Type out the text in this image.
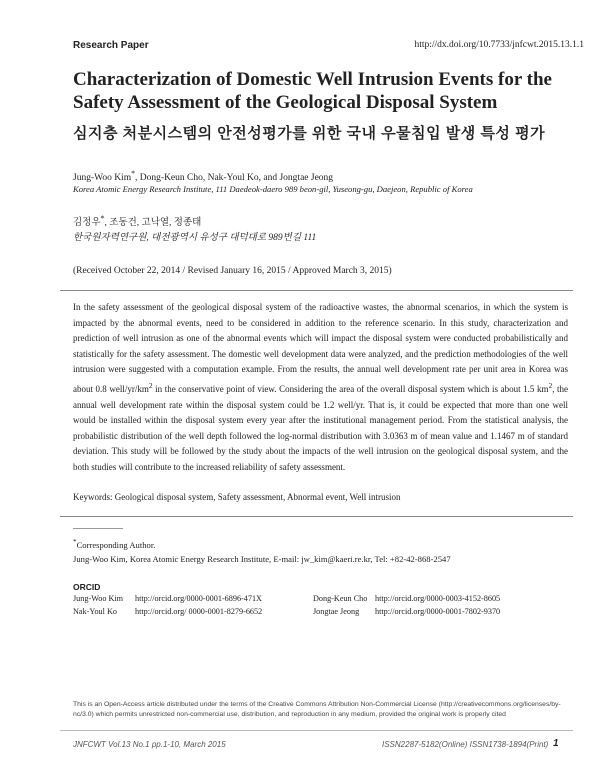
Research Paper	http://dx.doi.org/10.7733/jnfcwt.2015.13.1.1
Characterization of Domestic Well Intrusion Events for the Safety Assessment of the Geological Disposal System
심지층 처분시스템의 안전성평가를 위한 국내 우물침입 발생 특성 평가
Jung-Woo Kim*, Dong-Keun Cho, Nak-Youl Ko, and Jongtae Jeong
Korea Atomic Energy Research Institute, 111 Daedeok-daero 989 beon-gil, Yuseong-gu, Daejeon, Republic of Korea
김정우*, 조동건, 고낙열, 정종태
한국원자력연구원, 대전광역시 유성구 대덕대로 989번길 111
(Received October 22, 2014 / Revised January 16, 2015 / Approved March 3, 2015)
In the safety assessment of the geological disposal system of the radioactive wastes, the abnormal scenarios, in which the system is impacted by the abnormal events, need to be considered in addition to the reference scenario. In this study, characterization and prediction of well intrusion as one of the abnormal events which will impact the disposal system were conducted probabilistically and statistically for the safety assessment. The domestic well development data were analyzed, and the prediction methodologies of the well intrusion were suggested with a computation example. From the results, the annual well development rate per unit area in Korea was about 0.8 well/$yr/km^2$ in the conservative point of view. Considering the area of the overall disposal system which is about 1.5 $km^2$, the annual well development rate within the disposal system could be 1.2 well/yr. That is, it could be expected that more than one well would be installed within the disposal system every year after the institutional management period. From the statistical analysis, the probabilistic distribution of the well depth followed the log-normal distribution with 3.0363 m of mean value and 1.1467 m of standard deviation. This study will be followed by the study about the impacts of the well intrusion on the geological disposal system, and the both studies will contribute to the increased reliability of safety assessment.
Keywords: Geological disposal system, Safety assessment, Abnormal event, Well intrusion
*Corresponding Author.
Jung-Woo Kim, Korea Atomic Energy Research Institute, E-mail: jw_kim@kaeri.re.kr, Tel: +82-42-868-2547
ORCID
Jung-Woo Kim http://orcid.org/0000-0001-6896-471X
Nak-Youl Ko http://orcid.org/ 0000-0001-8279-6652
Dong-Keun Cho http://orcid.org/0000-0003-4152-8605
Jongtae Jeong http://orcid.org/0000-0001-7802-9370
This is an Open-Access article distributed under the terms of the Creative Commons Attribution Non-Commercial License (http://creativecommons.org/licenses/by-nc/3.0) which permits unrestricted non-commercial use, distribution, and reproduction in any medium, provided the original work is properly cited
JNFCWT Vol.13 No.1 pp.1-10, March 2015	ISSN2287-5182(Online) ISSN1738-1894(Print) 1
